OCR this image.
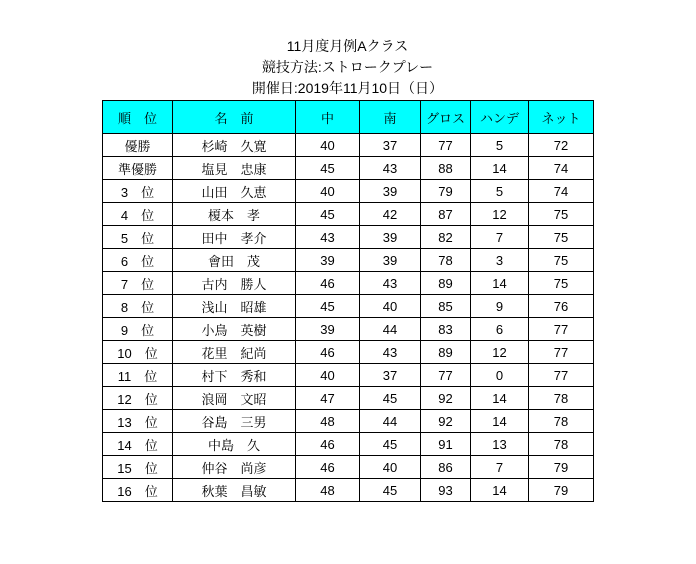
11月度月例Aクラス
競技方法:ストロークプレー
開催日:2019年11月10日（日）
順　位	名　前	中	南	グロス	ハンデ	ネット
優勝	杉崎　久寛	40	37	77	5	72
準優勝	塩見　忠康	45	43	88	14	74
3　位	山田　久恵	40	39	79	5	74
4　位	榎本　孝	45	42	87	12	75
5　位	田中　孝介	43	39	82	7	75
6　位	會田　茂	39	39	78	3	75
7　位	古内　勝人	46	43	89	14	75
8　位	浅山　昭雄	45	40	85	9	76
9　位	小鳥　英樹	39	44	83	6	77
10　位	花里　紀尚	46	43	89	12	77
11　位	村下　秀和	40	37	77	0	77
12　位	浪岡　文昭	47	45	92	14	78
13　位	谷島　三男	48	44	92	14	78
14　位	中島　久	46	45	91	13	78
15　位	仲谷　尚彦	46	40	86	7	79
16　位	秋葉　昌敏	48	45	93	14	79
